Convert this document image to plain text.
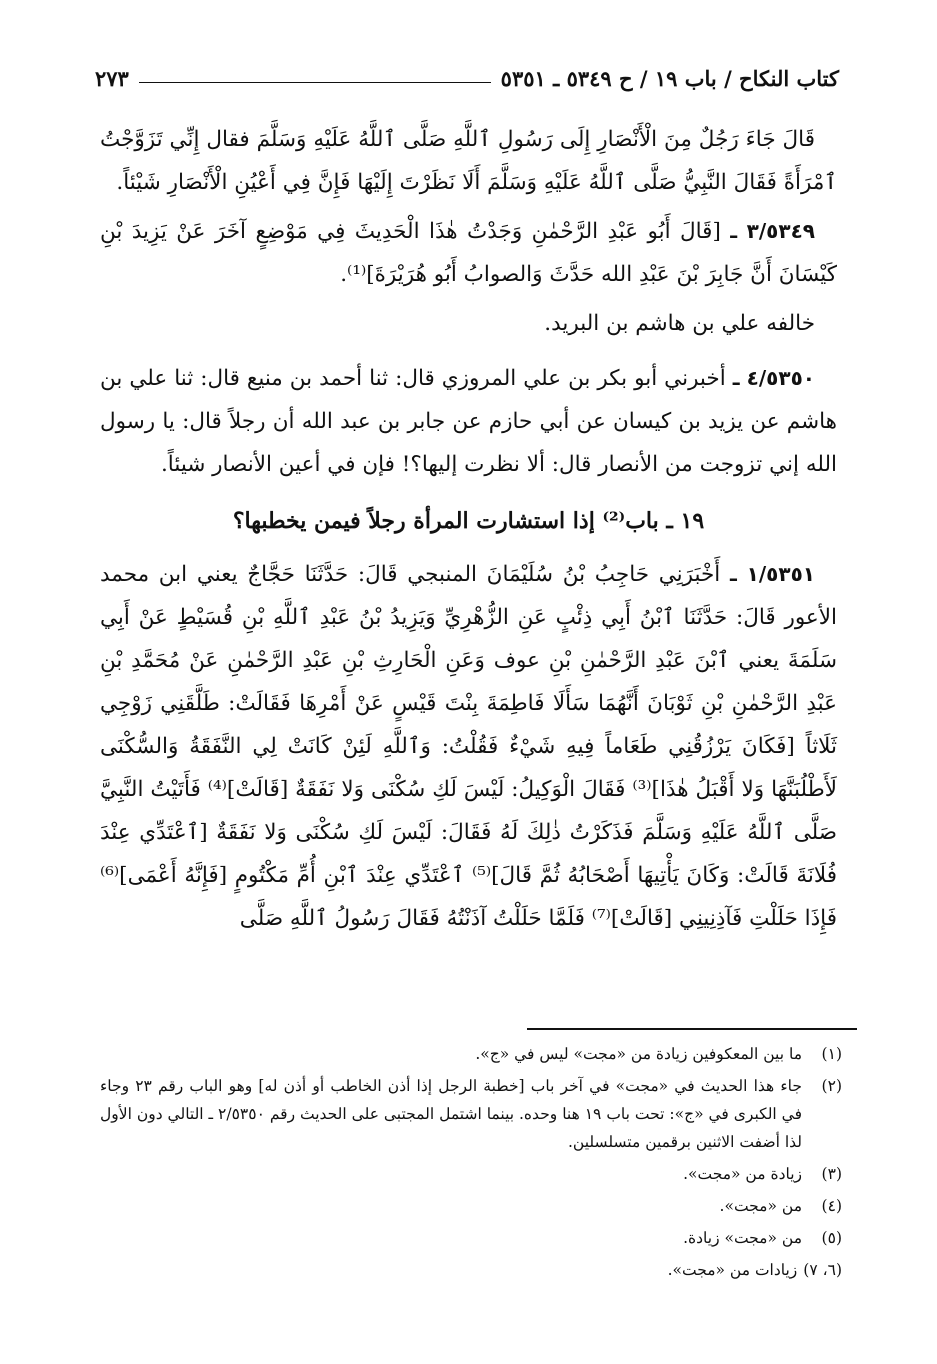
كتاب النكاح / باب ١٩ / ح ٥٣٤٩ ـ ٥٣٥١
٢٧٣

قَالَ جَاءَ رَجُلٌ مِنَ الْأَنْصَارِ إِلَى رَسُولِ ٱللَّهِ صَلَّى ٱللَّهُ عَلَيْهِ وَسَلَّمَ فقال إِنِّي تَزَوَّجْتُ ٱمْرَأَةً فَقَالَ النَّبِيُّ صَلَّى ٱللَّهُ عَلَيْهِ وَسَلَّمَ أَلَا نَظَرْتَ إِلَيْهَا فَإِنَّ فِي أَعْيُنِ الْأَنْصَارِ شَيْئاً.

٣/٥٣٤٩ ـ [قَالَ أَبُو عَبْدِ الرَّحْمٰنِ وَجَدْتُ هٰذَا الْحَدِيثَ فِي مَوْضِعٍ آخَرَ عَنْ يَزِيدَ بْنِ كَيْسَانَ أَنَّ جَابِرَ بْنَ عَبْدِ الله حَدَّثَ وَالصوابُ أَبُو هُرَيْرَةَ]⁽¹⁾.

خالفه علي بن هاشم بن البريد.

٤/٥٣٥٠ ـ أخبرني أبو بكر بن علي المروزي قال: ثنا أحمد بن منيع قال: ثنا علي بن هاشم عن يزيد بن كيسان عن أبي حازم عن جابر بن عبد الله أن رجلاً قال: يا رسول الله إني تزوجت من الأنصار قال: ألا نظرت إليها؟! فإن في أعين الأنصار شيئاً.

١٩ ـ باب⁽²⁾ إذا استشارت المرأة رجلاً فيمن يخطبها؟

١/٥٣٥١ ـ أَخْبَرَنِي حَاجِبُ بْنُ سُلَيْمَانَ المنبجي قَالَ: حَدَّثَنَا حَجَّاجٌ يعني ابن محمد الأعور قَالَ: حَدَّثَنَا ٱبْنُ أَبِي ذِئْبٍ عَنِ الزُّهْرِيِّ وَيَزِيدُ بْنُ عَبْدِ ٱللَّهِ بْنِ قُسَيْطٍ عَنْ أَبِي سَلَمَةَ يعني ٱبْنَ عَبْدِ الرَّحْمٰنِ بْنِ عوف وَعَنِ الْحَارِثِ بْنِ عَبْدِ الرَّحْمٰنِ عَنْ مُحَمَّدِ بْنِ عَبْدِ الرَّحْمٰنِ بْنِ ثَوْبَانَ أَنَّهُمَا سَأَلَا فَاطِمَةَ بِنْتَ قَيْسٍ عَنْ أَمْرِهَا فَقَالَتْ: طَلَّقَنِي زَوْجِي ثَلَاثاً [فَكَانَ يَرْزُقُنِي طَعَاماً فِيهِ شَيْءٌ فَقُلْتُ: وَٱللَّهِ لَئِنْ كَانَتْ لِي النَّفَقَةُ وَالسُّكْنَى لَأَطْلُبَنَّهَا وَلا أَقْبَلُ هٰذَا]⁽³⁾ فَقَالَ الْوَكِيلُ: لَيْسَ لَكِ سُكْنَى وَلا نَفَقَةٌ [قَالَتْ]⁽⁴⁾ فَأَتَيْتُ النَّبِيَّ صَلَّى ٱللَّهُ عَلَيْهِ وَسَلَّمَ فَذَكَرْتُ ذٰلِكَ لَهُ فَقَالَ: لَيْسَ لَكِ سُكْنَى وَلا نَفَقَةٌ [ٱعْتَدِّي عِنْدَ فُلَانَةَ قَالَتْ: وَكَانَ يَأْتِيهَا أَصْحَابُهُ ثُمَّ قَالَ]⁽⁵⁾ ٱعْتَدِّي عِنْدَ ٱبْنِ أُمِّ مَكْتُومٍ [فَإِنَّهُ أَعْمَى]⁽⁶⁾ فَإِذَا حَلَلْتِ فَآذِنِينِي [قَالَتْ]⁽⁷⁾ فَلَمَّا حَلَلْتُ آذَنْتُهُ فَقَالَ رَسُولُ ٱللَّهِ صَلَّى

(١)
ما بين المعكوفين زيادة من «مجت» ليس في «ج».
(٢)
جاء هذا الحديث في «مجت» في آخر باب [خطبة الرجل إذا أذن الخاطب أو أذن له] وهو الباب رقم ٢٣ وجاء في الكبرى في «ج»: تحت باب ١٩ هنا وحده. بينما اشتمل المجتبى على الحديث رقم ٢/٥٣٥٠ ـ التالي دون الأول لذا أضفت الاثنين برقمين متسلسلين.
(٣)
زيادة من «مجت».
(٤)
من «مجت».
(٥)
من «مجت» زيادة.
(٦، ٧)
زيادات من «مجت».
